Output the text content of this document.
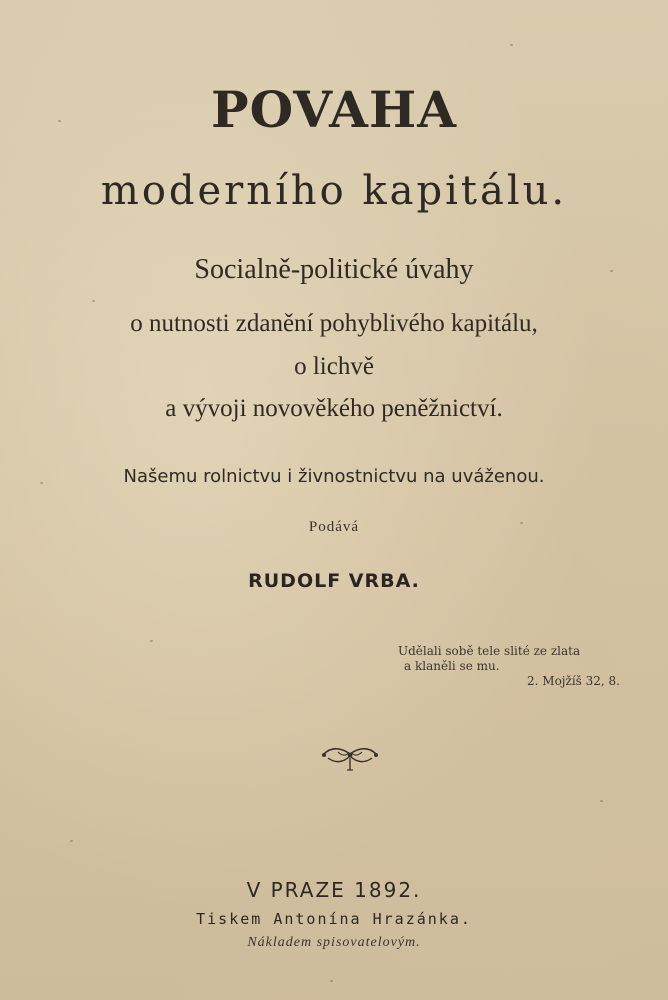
POVAHA
moderního kapitálu.
Socialně-politické úvahy
o nutnosti zdanění pohyblivého kapitálu,
o lichvě
a vývoji novověkého peněžnictví.
Našemu rolnictvu i živnostnictvu na uváženou.
Podává
RUDOLF VRBA.
Udělali sobě tele slité ze zlata
a klaněli se mu.
2. Mojžíš 32, 8.
V PRAZE 1892.
Tiskem Antonína Hrazánka.
Nákladem spisovatelovým.
